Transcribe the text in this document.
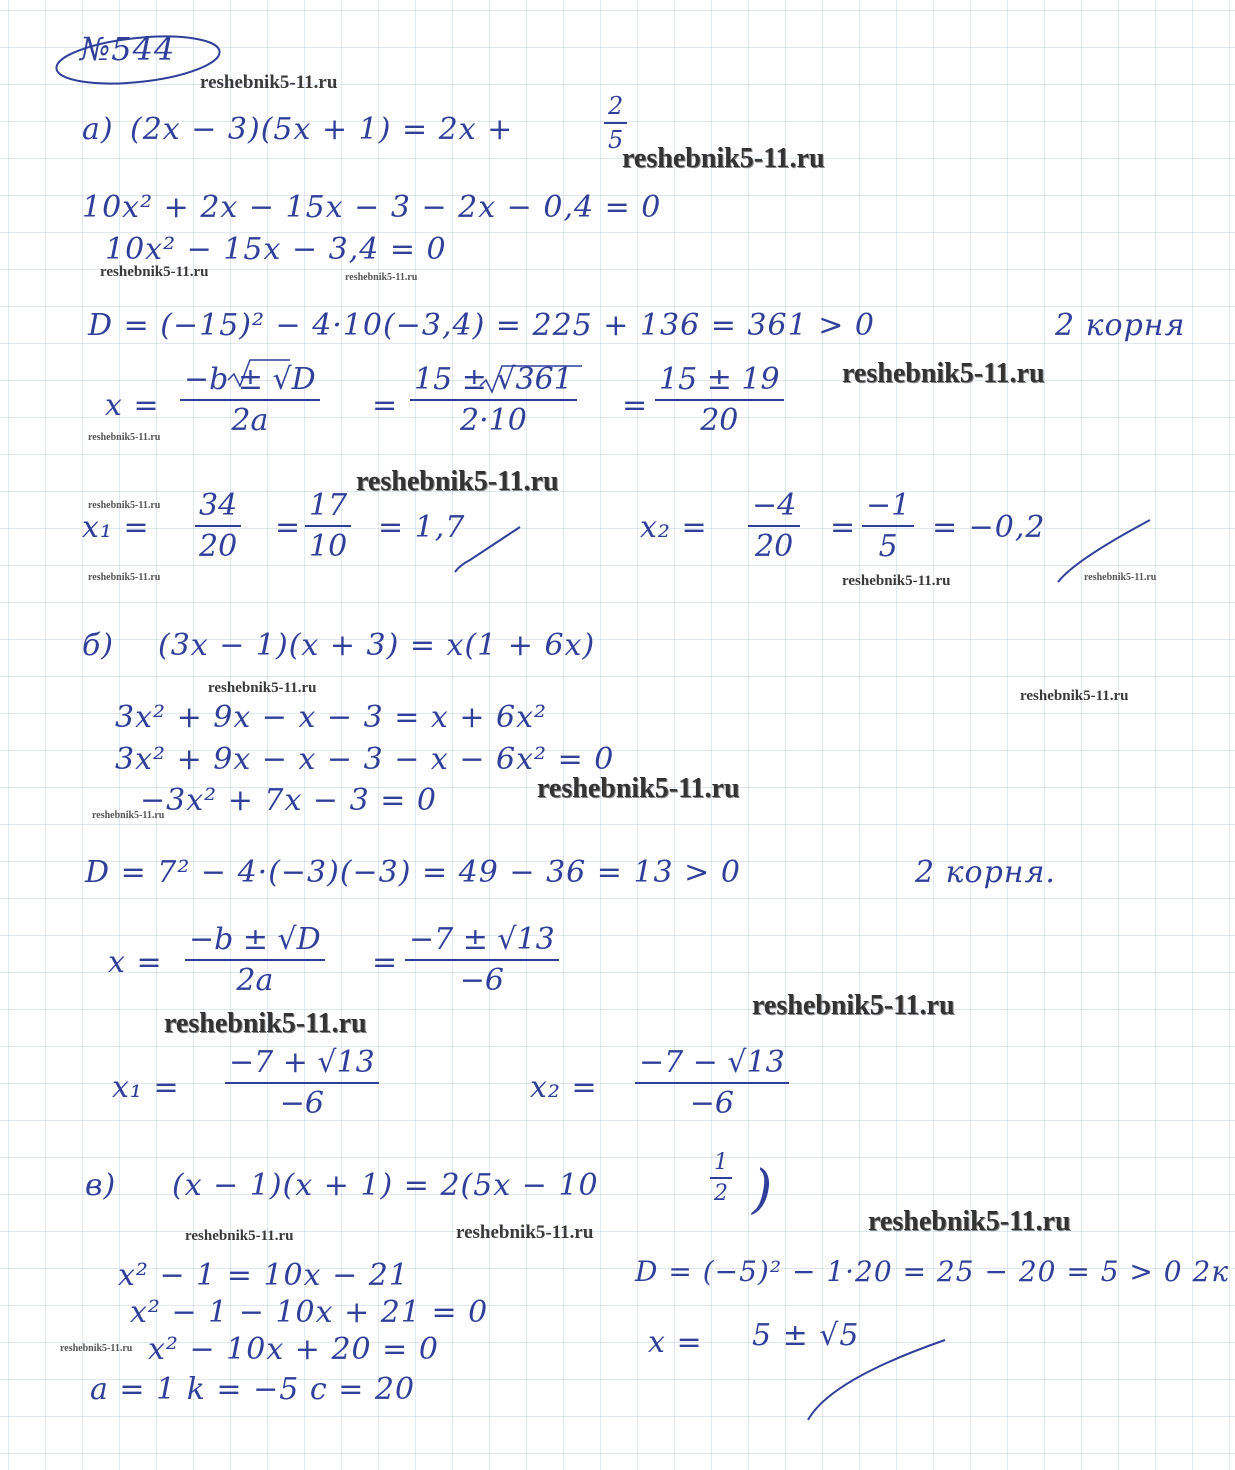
№544
reshebnik5-11.ru
reshebnik5-11.ru
reshebnik5-11.ru	reshebnik5-11.ru
reshebnik5-11.ru
reshebnik5-11.ru
reshebnik5-11.ru
reshebnik5-11.ru
reshebnik5-11.ru	reshebnik5-11.ru	reshebnik5-11.ru
reshebnik5-11.ru	reshebnik5-11.ru
reshebnik5-11.ru
reshebnik5-11.ru
reshebnik5-11.ru
reshebnik5-11.ru
reshebnik5-11.ru
reshebnik5-11.ru	reshebnik5-11.ru
reshebnik5-11.ru
а) (2x − 3)(5x + 1) = 2x +	$\frac{2}{5}$
10x² + 2x − 15x − 3 − 2x − 0,4 = 0
10x² − 15x − 3,4 = 0
D = (−15)² − 4·10(−3,4) = 225 + 136 = 361 > 0	2 корня
$x = \frac{-b \pm √D}{2a} = \frac{15 \pm √361}{2\cdot 10} = \frac{15 \pm 19}{20}$
$x_1 = \frac{34}{20} = \frac{17}{10} = 1,7$	$x_2 = \frac{-4}{20} = \frac{-1}{5} = -0,2$
б) (3x − 1)(x + 3) = x(1 + 6x)
3x² + 9x − x − 3 = x + 6x²
3x² + 9x − x − 3 − x − 6x² = 0
−3x² + 7x − 3 = 0
D = 7² − 4·(−3)(−3) = 49 − 36 = 13 > 0	2 корня.
$x = \frac{-b \pm √D}{2a} = \frac{-7 \pm √13}{-6}$
$x_1 = \frac{-7 + √13}{-6}$	$x_2 = \frac{-7 - √13}{-6}$
в) (x − 1)(x + 1) = 2(5x − 10	$\frac{1}{2}$ )
x² − 1 = 10x − 21
x² − 1 − 10x + 21 = 0
x² − 10x + 20 = 0
a = 1 k = −5 c = 20
D = (−5)² − 1·20 = 25 − 20 = 5 > 0 2к
x = 5 ± √5
